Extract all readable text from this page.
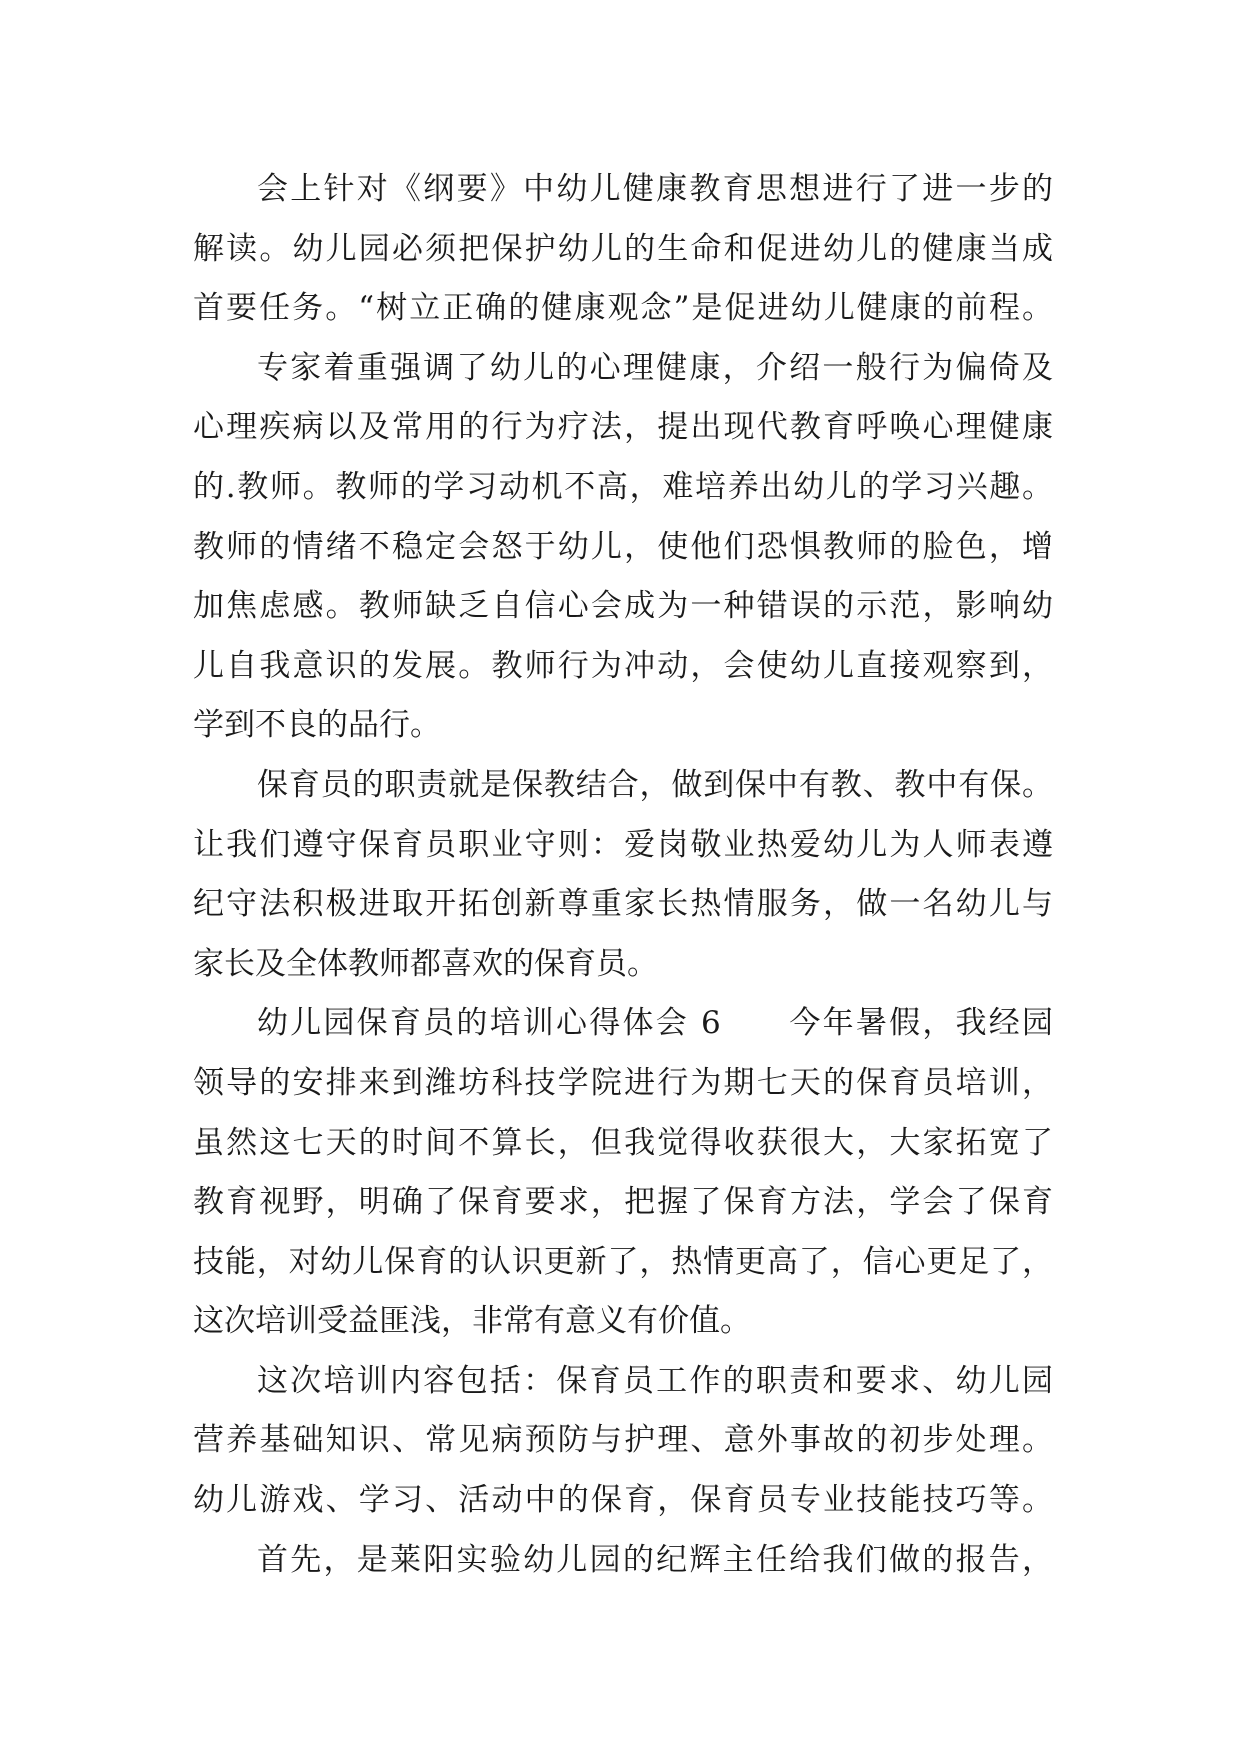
会上针对《纲要》中幼儿健康教育思想进行了进一步的
解读。幼儿园必须把保护幼儿的生命和促进幼儿的健康当成
首要任务。“树立正确的健康观念”是促进幼儿健康的前程。
专家着重强调了幼儿的心理健康，介绍一般行为偏倚及
心理疾病以及常用的行为疗法，提出现代教育呼唤心理健康
的.教师。教师的学习动机不高，难培养出幼儿的学习兴趣。
教师的情绪不稳定会怒于幼儿，使他们恐惧教师的脸色，增
加焦虑感。教师缺乏自信心会成为一种错误的示范，影响幼
儿自我意识的发展。教师行为冲动，会使幼儿直接观察到，
学到不良的品行。
保育员的职责就是保教结合，做到保中有教、教中有保。
让我们遵守保育员职业守则：爱岗敬业热爱幼儿为人师表遵
纪守法积极进取开拓创新尊重家长热情服务，做一名幼儿与
家长及全体教师都喜欢的保育员。
幼儿园保育员的培训心得体会 6　　今年暑假，我经园
领导的安排来到潍坊科技学院进行为期七天的保育员培训，
虽然这七天的时间不算长，但我觉得收获很大，大家拓宽了
教育视野，明确了保育要求，把握了保育方法，学会了保育
技能，对幼儿保育的认识更新了，热情更高了，信心更足了，
这次培训受益匪浅，非常有意义有价值。
这次培训内容包括：保育员工作的职责和要求、幼儿园
营养基础知识、常见病预防与护理、意外事故的初步处理。
幼儿游戏、学习、活动中的保育，保育员专业技能技巧等。
首先，是莱阳实验幼儿园的纪辉主任给我们做的报告，
